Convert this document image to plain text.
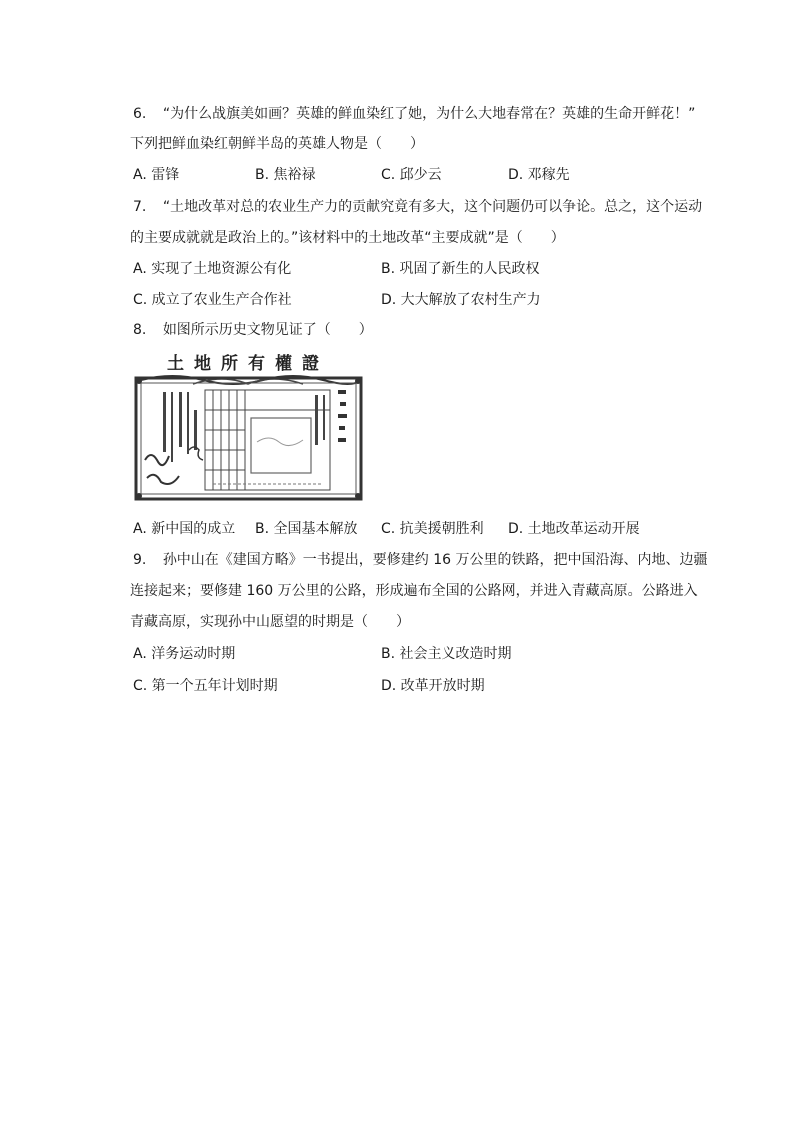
6. “为什么战旗美如画？英雄的鲜血染红了她，为什么大地春常在？英雄的生命开鲜花！”
下列把鲜血染红朝鲜半岛的英雄人物是（　　）
A. 雷锋	B. 焦裕禄	C. 邱少云	D. 邓稼先
7. “土地改革对总的农业生产力的贡献究竟有多大，这个问题仍可以争论。总之，这个运动
的主要成就就是政治上的。”该材料中的土地改革“主要成就”是（　　）
A. 实现了土地资源公有化	B. 巩固了新生的人民政权
C. 成立了农业生产合作社	D. 大大解放了农村生产力
8. 如图所示历史文物见证了（　　）
土地所有權證
A. 新中国的成立 B. 全国基本解放 C. 抗美援朝胜利 D. 土地改革运动开展
9. 孙中山在《建国方略》一书提出，要修建约 16 万公里的铁路，把中国沿海、内地、边疆
连接起来；要修建 160 万公里的公路，形成遍布全国的公路网，并进入青藏高原。公路进入
青藏高原，实现孙中山愿望的时期是（　　）
A. 洋务运动时期	B. 社会主义改造时期
C. 第一个五年计划时期	D. 改革开放时期
